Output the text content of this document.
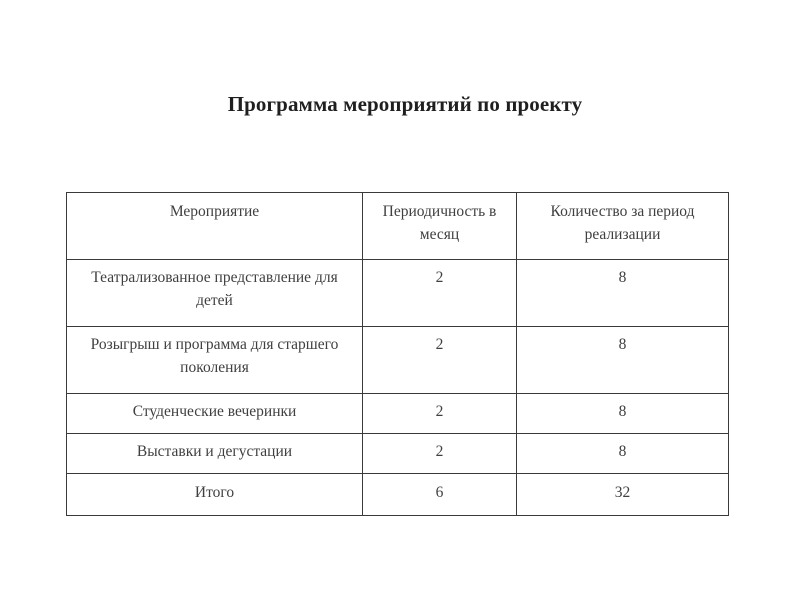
Программа мероприятий по проекту
Мероприятие	Периодичность в месяц	Количество за период реализации

Театрализованное представление для детей	2	8

Розыгрыш и программа для старшего поколения	2	8

Студенческие вечеринки	2	8

Выставки и дегустации	2	8

Итого	6	32
